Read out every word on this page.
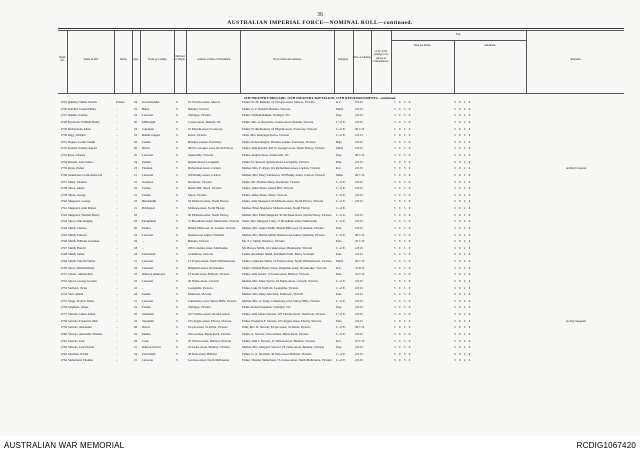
36
AUSTRALIAN IMPERIAL FORCE—NOMINAL ROLL—continued.
Regtl. No.	Name in full.	Rank.	Age.	Trade or Calling.
Married or Single.	Address at time of Enlistment.	Next of Kin and Address.	Religion.
Date of Joining.
A.I.F. Unit joining to be shown at Embarkation.
Pay.
Rate per Diem.	Allotment.
Remarks.
4TH INFANTRY BRIGADE, 13TH INFANTRY BATTALION, 13TH REINFORCEMENTS—continued.
2725 Ramsay, Walter Patrick	Private	19	Groomsaddler	S	15 Victoria-street, Mascot	Father, W. M. Ramsay, 15 Victoria-street, Mascot, Victoria	R.C.	2.8.15	5 0 5 0	3 0 2 6
2726 Randell, Joseph Henry	..	19	Baker	S	Benalla, Victoria	Father, G. F. Randell, Benalla, Victoria	Meth.	2.8.15	5 0 5 0	3 0 2 6
2727 Rankin, Stanley	..	19	Labourer	S	Trafalgar, Victoria	Father, William Rankin, Trafalgar, Vic.	Pres.	2.8.15	5 0 5 0	3 0 2 6
2728 Reynolds, William Henry	..	20	Millwright	S	Coates-street, Benalla, Vic.	Father, Mrs. A. Reynolds, Coates-street, Benalla, Victoria	C. of E.	2.8.15	5 0 5 0	3 0 2 6
2729 Richardson, Allan	..	19	Carpenter	S	16 Pilgrim-street, Footscray	Father, W. Richardson, 16 Pilgrim-street, Footscray, Victoria	C. of E.	29.7.15	5 0 5 0	3 0 2 6
2730 Rigg, William	..	22	Rabbit-trapper	S	Kerra, Victoria	Sister, Mrs. Kenyegal, Kerra, Victoria	C. of E.	2.8.15	5 0 5 0	3 0 2 6
2731 Rogers, Leslie Joseph	..	18	Farmer	S	Hawkes-avenue, Portarney	Father, Robert Rogers, Hawkes-avenue, Portarney, Victoria	Bapt.	2.8.15	5 0 5 0	3 0 2 6
2732 Ronald, Stanley Rupert	..	20	Driver	S	403 St. George's road, North Fitzroy	Father, John Ronald, 403 St. George's road, North Fitzroy, Victoria	Meth.	2.8.15	5 0 5 0	3 0 2 6
2733 Ross, Charles	..	25	Labourer	S	Somerville, Victoria	Father, Andrew Ross, Somerville, Vic.	Pres.	28.7.15	5 0 5 0	3 0 2 6
2734 Russell, Alan James	..	19	Farmer	S	Queens Road, Leongatha	Father, W. Russell, Queens Road, Leongatha, Victoria	Pres.	2.8.15	5 0 5 0	3 0 2 6
2735 Ryan, Walter	..	23	Fireman	S	Richardson-street, Carlton	Mother, Mrs. E. Ryan, 116 Richardson-street, Carlton, Victoria	R.C.	2.8.15	5 0 5 0	3 0 2 6	Acting Corporal
2736 Sanderson, Colin Ashworth	..	21	Labourer	S	100 Barkly-street, Carlton	Mother, Mrs. Mary Sanderson, 100 Barkly-street, Carlton, Victoria	Meth.	29.7.15	5 0 5 0	3 0 2 6
2737 Sharp, Thomas	..	21	Gardener	S	Rochester, Victoria	Father, Mr. Thomas Sharp, Rochester, Victoria	C. of E.	2.8.15	5 0 5 0	3 0 2 6
2738 Shore, Albert	..	19	Farmer	S	Deans Hill, Shore, Victoria	Father, James Shore, Deans Hill, Victoria	C. of E.	2.8.15	5 0 5 0	3 0 2 6
2739 Shore, George	..	21	Farmer	S	Shore, Victoria	Father, James Shore, Shore, Victoria	C. of E.	2.8.15	5 0 5 0	3 0 2 6
2740 Sheppard, George	..	23	Blacksmith	S	93 McKean-street, North Fitzroy	Father, John Sheppard, 93 McKean-street, North Fitzroy, Victoria	C. of E.	2.8.15	5 0 5 0	3 0 2 6
2741 Sheppard, John Robert	..	21	Bricklayer	S	McKean-street, North Fitzroy	Mother, Ellen Sheppard, McKean-street, North Fitzroy	C. of E.	5 0 5 0	3 0 2 6
2742 Sheppard, Thomas Henry	..	18	..	S	92 McKean-street, North Fitzroy	Mother, Mrs. Ellen Sheppard, 92 McKean-street, North Fitzroy, Victoria C. of E.	2.8.15	5 0 5 0	3 0 2 6
2743 Short, John Kingley	..	18	Ploughman	S	71 Broadbent-street, Melbourne, Victoria Sister, Mrs. Margaret Long, 71 Broadbent-street, Melbourne	C. of E.	2.8.15	5 0 5 0	3 0 2 6
2744 Smith, Charles	..	26	Painter	S	Brunel Mill-road, St. Arnaud, Victoria	Mother, Mrs. Agnes Smith, Brunel Mill-road, St. Arnaud, Victoria	Pres.	2.8.15	5 0 5 0	3 0 2 6
2745 Smith, Edward	..	19	Labourer	S	Dennewood Gulies, Walhalla	Mother, Mrs. Bertha Smith, Dennewood Gulies, Walhalla, Victoria	C. of E.	28.7.15	5 0 5 0	3 0 2 6
2746 Smith, William Luckman	..	24	..	S	Benalla, Victoria	Mr. T. J. Smith, Waterloo, Victoria	Pres.	29.7.15	5 0 5 0	3 0 2 6
2747 Smith, Harold	..	18	..	S	186 Lonsdale-street, Melbourne	Mr. Horace Smith, 10 Clarke-street, Brunswick, Victoria	C. of E.	2.8.15	5 0 5 0	3 0 2 6
2748 Smith, James	..	24	Farm hand	S	Scandinow, Victoria	Father, Alexander Smith, Koolhean Farm, Barra, Scotland	Pres.	2.8.15	5 0 5 0	3 0 2 6
2749 Smith, Vincent Walter	..	21	Labourer	S	13 Frayne-street, North Williamstown	Father, Catherine Smith, 13 Frayne-street, North Williamstown, Victoria Meth.	29.7.15	5 0 5 0	3 0 2 6
2750 Snow, William Henry	..	19	Labourer	S	Dalgleish-street, Newmarket	Father, William Henry Snow, Dalgleish-street, Newmarket, Victoria	R.C.	31.8.15	5 0 5 0	3 0 2 6
2751 Sobert, John Robert	..	21	Railway employee	S	13 Grant-street, Ballarat, Victoria	Father, John Sobert, 13 Grant-street, Ballarat, Victoria	Pres.	31.7.15	5 0 5 0	3 0 2 6
2752 Spicer, George Gordon	..	23	Labourer	S	45 Noble-street, Colwell	Mother, Mrs. Mary Spicer, 45 Noble-street, Colwell, Victoria	C. of E.	2.8.15	5 0 5 0	3 0 2 6
2753 Stafford, Victor	..	22	..	S	Leongatha, Victoria	Father, Luke N. Stafford, Leongatha, Victoria	C. of E.	2.8.15	5 0 5 0	3 0 2 6
2754 Stott, Arthur	..	24	Farmer	S	Kinbrook, Victoria	Mother, Mrs. Mary Ann Stott, Kinbrook, Victoria	Pres.	2.8.15	5 0 5 0	3 0 2 6
2755 Stapp, Francis James	..	21	Labourer	S	Canterbury-road, Surrey Hills, Victoria	Mother, Mrs. A. Stapp, Canterbury-road, Surrey Hills, Victoria	C. of E.	2.8.15	5 0 5 0	3 0 2 6
2756 Stephens, James	..	19	Farmer	S	Trafalgar, Victoria	Father, Robert Stephens, Trafalgar, Vic.	Pres.	2.8.15	5 0 5 0	3 0 2 6
2757 Stevens, James Arthur	..	22	Salesman	S	107 Charles-street, North Carlton	Father, John James Stevens, 107 Charles-street, Northcote, Victoria	C. of E.	2.8.15	5 0 5 0	3 0 2 6
2758 Stewart, Frederick John	..	22	Storeman	S	105 Argyle-street, Fitzroy, Victoria	Father, Frederick F. Stewart, 105 Argyle-street, Fitzroy, Victoria	Pres.	2.8.15	5 0 5 0	3 0 2 6	Acting Sergeant
2759 Stewart, Alexander	..	28	Driver	S	8 Lyle-street, St. Kilda, Victoria	Wife, Mrs. D. Stewart, 8 Lyle-street, St. Kilda, Victoria	C. of E.	29.7.15	5 0 5 0	3 0 2 6
2760 Stewart, Alexander Thomas	..	19	Painter	S	Tara-avenue, Black Rock, Victoria	Father, A. Stewart, Tara-avenue, Black Rock, Victoria	C. of E.	2.8.15	5 0 5 0	3 0 2 6
2761 Stewart, Jack	..	24	Cook	S	47 Wilson-street, Ballarat, Victoria	Father, John J. Stewart, 47 Wilson-street, Ballarat, Victoria	R.C.	27.7.15	5 0 5 0	3 0 2 6
2762 Stewart, Jack Norton	..	21	Railroad-driver	S	23 Tudor-street, Ballarat, Victoria	Mother, Mrs. Margaret Stewart, 23 Tudor-street, Ballarat, Victoria	Pres.	2.8.15	5 0 5 0	3 0 2 6
2763 Strachan, Ernest	..	19	Farm hand	S	38 York-street, Ballarat	Father, G. A. Strachan, 38 York-street, Ballarat, Victoria	C. of E.	2.8.15	5 0 5 0	3 0 2 6
2764 Sutherland, Thomas	..	21	Labourer	S	Lavasso-street, North Melbourne	Father, Thomas Sutherland, 7 Lavasso-street, North Melbourne, Victoria C. of E.	2.8.15	5 0 5 0	3 0 2 6
AUSTRALIAN WAR MEMORIAL	RCDIG1067420
